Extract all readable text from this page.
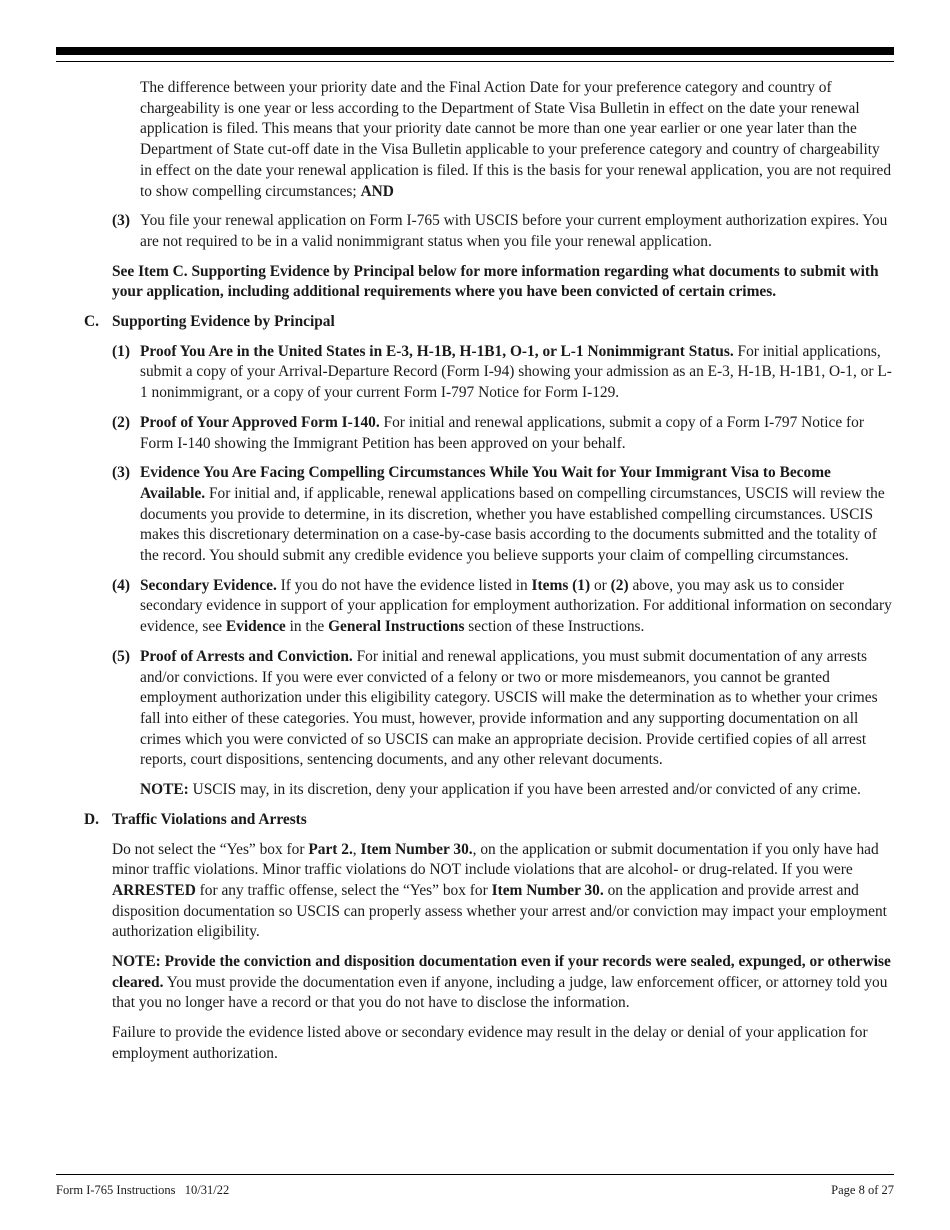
The difference between your priority date and the Final Action Date for your preference category and country of chargeability is one year or less according to the Department of State Visa Bulletin in effect on the date your renewal application is filed. This means that your priority date cannot be more than one year earlier or one year later than the Department of State cut-off date in the Visa Bulletin applicable to your preference category and country of chargeability in effect on the date your renewal application is filed. If this is the basis for your renewal application, you are not required to show compelling circumstances; AND

(3) You file your renewal application on Form I-765 with USCIS before your current employment authorization expires. You are not required to be in a valid nonimmigrant status when you file your renewal application.

See Item C. Supporting Evidence by Principal below for more information regarding what documents to submit with your application, including additional requirements where you have been convicted of certain crimes.

C. Supporting Evidence by Principal

(1) Proof You Are in the United States in E-3, H-1B, H-1B1, O-1, or L-1 Nonimmigrant Status. For initial applications, submit a copy of your Arrival-Departure Record (Form I-94) showing your admission as an E-3, H-1B, H-1B1, O-1, or L-1 nonimmigrant, or a copy of your current Form I-797 Notice for Form I-129.

(2) Proof of Your Approved Form I-140. For initial and renewal applications, submit a copy of a Form I-797 Notice for Form I-140 showing the Immigrant Petition has been approved on your behalf.

(3) Evidence You Are Facing Compelling Circumstances While You Wait for Your Immigrant Visa to Become Available. For initial and, if applicable, renewal applications based on compelling circumstances, USCIS will review the documents you provide to determine, in its discretion, whether you have established compelling circumstances. USCIS makes this discretionary determination on a case-by-case basis according to the documents submitted and the totality of the record. You should submit any credible evidence you believe supports your claim of compelling circumstances.

(4) Secondary Evidence. If you do not have the evidence listed in Items (1) or (2) above, you may ask us to consider secondary evidence in support of your application for employment authorization. For additional information on secondary evidence, see Evidence in the General Instructions section of these Instructions.

(5) Proof of Arrests and Conviction. For initial and renewal applications, you must submit documentation of any arrests and/or convictions. If you were ever convicted of a felony or two or more misdemeanors, you cannot be granted employment authorization under this eligibility category. USCIS will make the determination as to whether your crimes fall into either of these categories. You must, however, provide information and any supporting documentation on all crimes which you were convicted of so USCIS can make an appropriate decision. Provide certified copies of all arrest reports, court dispositions, sentencing documents, and any other relevant documents.

NOTE: USCIS may, in its discretion, deny your application if you have been arrested and/or convicted of any crime.

D. Traffic Violations and Arrests

Do not select the “Yes” box for Part 2., Item Number 30., on the application or submit documentation if you only have had minor traffic violations. Minor traffic violations do NOT include violations that are alcohol- or drug-related. If you were ARRESTED for any traffic offense, select the “Yes” box for Item Number 30. on the application and provide arrest and disposition documentation so USCIS can properly assess whether your arrest and/or conviction may impact your employment authorization eligibility.

NOTE: Provide the conviction and disposition documentation even if your records were sealed, expunged, or otherwise cleared. You must provide the documentation even if anyone, including a judge, law enforcement officer, or attorney told you that you no longer have a record or that you do not have to disclose the information.

Failure to provide the evidence listed above or secondary evidence may result in the delay or denial of your application for employment authorization.

Form I-765 Instructions   10/31/22	Page 8 of 27
